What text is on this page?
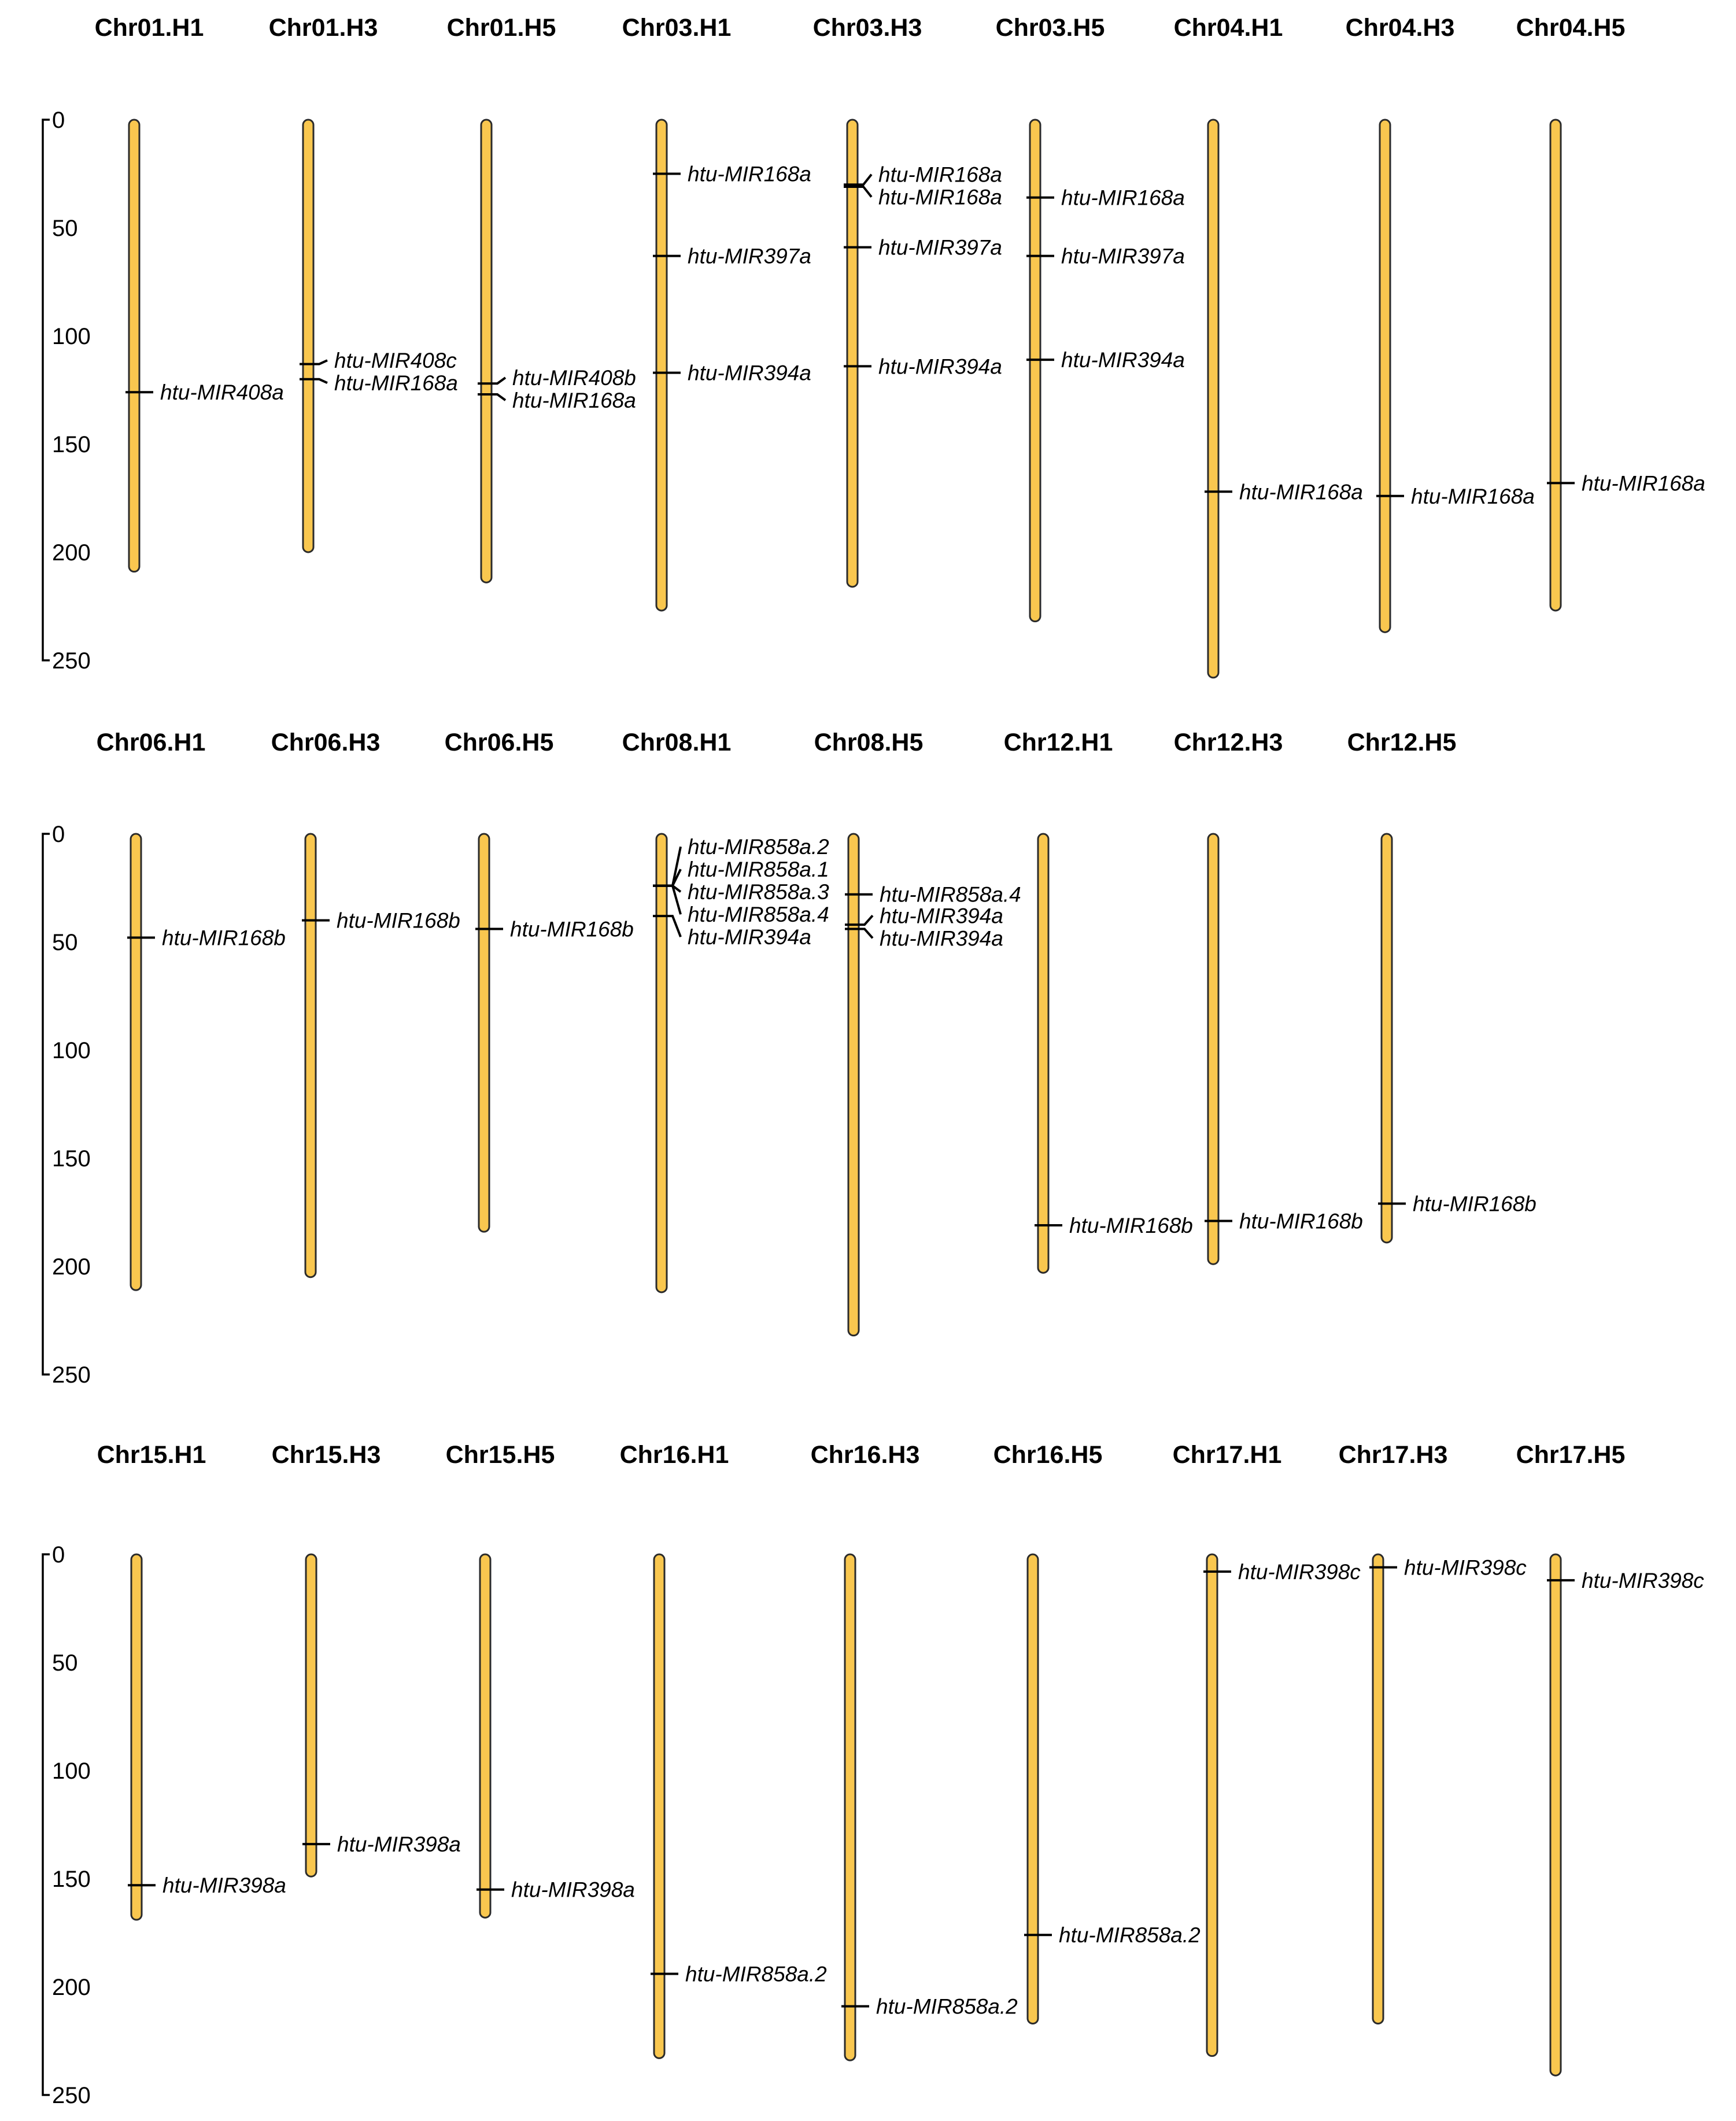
0
50
100
150
200
250
Chr01.H1
htu-MIR408a
Chr01.H3
htu-MIR408c
htu-MIR168a
Chr01.H5
htu-MIR408b
htu-MIR168a
Chr03.H1
htu-MIR168a
htu-MIR397a
htu-MIR394a
Chr03.H3
htu-MIR168a
htu-MIR168a
htu-MIR397a
htu-MIR394a
Chr03.H5
htu-MIR168a
htu-MIR397a
htu-MIR394a
Chr04.H1
htu-MIR168a
Chr04.H3
htu-MIR168a
Chr04.H5
htu-MIR168a
0
50
100
150
200
250
Chr06.H1
htu-MIR168b
Chr06.H3
htu-MIR168b
Chr06.H5
htu-MIR168b
Chr08.H1
htu-MIR858a.2
htu-MIR858a.1
htu-MIR858a.3
htu-MIR858a.4
htu-MIR394a
Chr08.H5
htu-MIR858a.4
htu-MIR394a
htu-MIR394a
Chr12.H1
htu-MIR168b
Chr12.H3
htu-MIR168b
Chr12.H5
htu-MIR168b
0
50
100
150
200
250
Chr15.H1
htu-MIR398a
Chr15.H3
htu-MIR398a
Chr15.H5
htu-MIR398a
Chr16.H1
htu-MIR858a.2
Chr16.H3
htu-MIR858a.2
Chr16.H5
htu-MIR858a.2
Chr17.H1
htu-MIR398c
Chr17.H3
htu-MIR398c
Chr17.H5
htu-MIR398c
